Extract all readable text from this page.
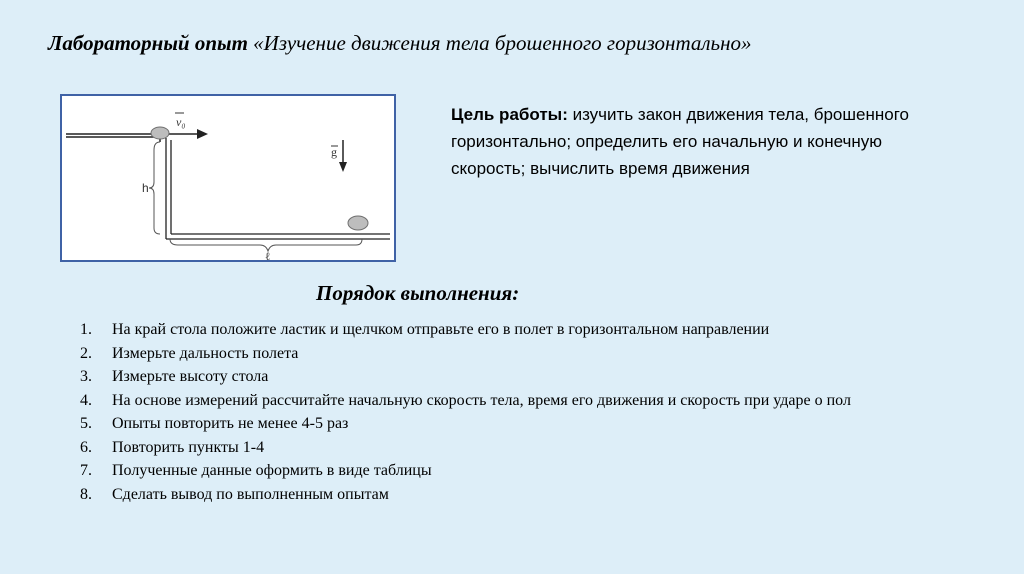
Лабораторный опыт «Изучение движения тела брошенного горизонтально»
h
ℓ
g
v₀	Цель работы: изучить закон движения тела, брошенного горизонтально; определить его начальную и конечную скорость; вычислить время движения
Порядок выполнения:
1.	На край стола положите ластик и щелчком отправьте его в полет в горизонтальном направлении
2.	Измерьте дальность полета
3.	Измерьте высоту стола
4.	На основе измерений рассчитайте начальную скорость тела, время его движения и скорость при ударе о пол
5.	Опыты повторить не менее 4-5 раз
6.	Повторить пункты 1-4
7.	Полученные данные оформить в виде таблицы
8.	Сделать вывод по выполненным опытам
